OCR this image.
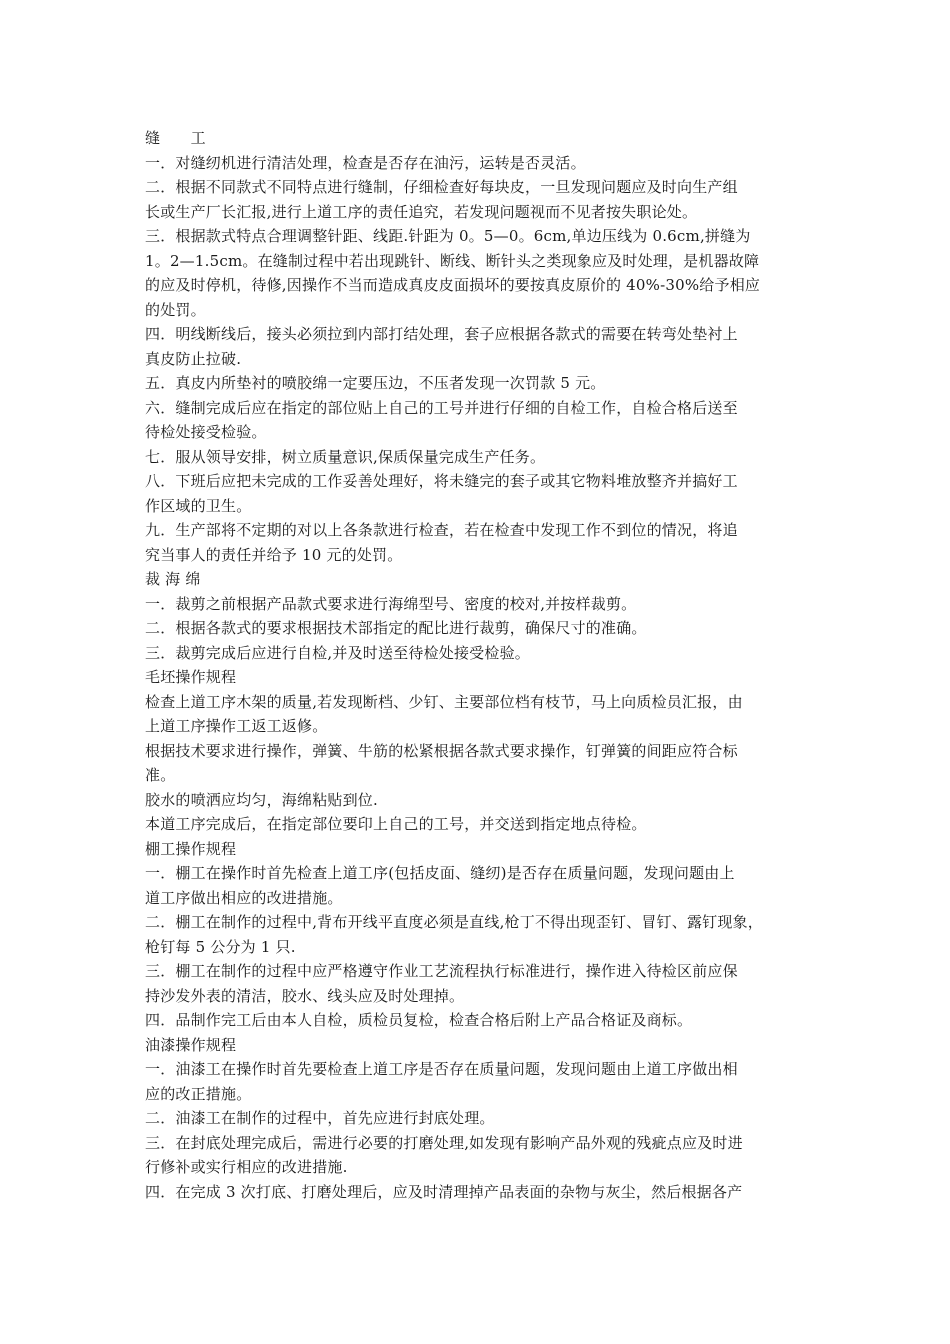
缝　　工
一．对缝纫机进行清洁处理，检查是否存在油污，运转是否灵活。
二．根据不同款式不同特点进行缝制，仔细检查好每块皮，一旦发现问题应及时向生产组
长或生产厂长汇报,进行上道工序的责任追究，若发现问题视而不见者按失职论处。
三．根据款式特点合理调整针距、线距.针距为 0。5—0。6cm,单边压线为 0.6cm,拼缝为
1。2—1.5cm。在缝制过程中若出现跳针、断线、断针头之类现象应及时处理，是机器故障
的应及时停机，待修,因操作不当而造成真皮皮面损坏的要按真皮原价的 40%-30%给予相应
的处罚。
四．明线断线后，接头必须拉到内部打结处理，套子应根据各款式的需要在转弯处垫衬上
真皮防止拉破.
五．真皮内所垫衬的喷胶绵一定要压边，不压者发现一次罚款 5 元。
六．缝制完成后应在指定的部位贴上自己的工号并进行仔细的自检工作，自检合格后送至
待检处接受检验。
七．服从领导安排，树立质量意识,保质保量完成生产任务。
八．下班后应把未完成的工作妥善处理好，将未缝完的套子或其它物料堆放整齐并搞好工
作区域的卫生。
九．生产部将不定期的对以上各条款进行检查，若在检查中发现工作不到位的情况，将追
究当事人的责任并给予 10 元的处罚。
裁 海 绵
一．裁剪之前根据产品款式要求进行海绵型号、密度的校对,并按样裁剪。
二．根据各款式的要求根据技术部指定的配比进行裁剪，确保尺寸的准确。
三．裁剪完成后应进行自检,并及时送至待检处接受检验。
毛坯操作规程
检查上道工序木架的质量,若发现断档、少钉、主要部位档有枝节，马上向质检员汇报，由
上道工序操作工返工返修。
根据技术要求进行操作，弹簧、牛筋的松紧根据各款式要求操作，钉弹簧的间距应符合标
准。
胶水的喷洒应均匀，海绵粘贴到位.
本道工序完成后，在指定部位要印上自己的工号，并交送到指定地点待检。
棚工操作规程
一．棚工在操作时首先检查上道工序(包括皮面、缝纫)是否存在质量问题，发现问题由上
道工序做出相应的改进措施。
二．棚工在制作的过程中,背布开线平直度必须是直线,枪丁不得出现歪钉、冒钉、露钉现象，
枪钉每 5 公分为 1 只.
三．棚工在制作的过程中应严格遵守作业工艺流程执行标准进行，操作进入待检区前应保
持沙发外表的清洁，胶水、线头应及时处理掉。
四．品制作完工后由本人自检，质检员复检，检查合格后附上产品合格证及商标。
油漆操作规程
一．油漆工在操作时首先要检查上道工序是否存在质量问题，发现问题由上道工序做出相
应的改正措施。
二．油漆工在制作的过程中，首先应进行封底处理。
三．在封底处理完成后，需进行必要的打磨处理,如发现有影响产品外观的残疵点应及时进
行修补或实行相应的改进措施.
四．在完成 3 次打底、打磨处理后，应及时清理掉产品表面的杂物与灰尘，然后根据各产
